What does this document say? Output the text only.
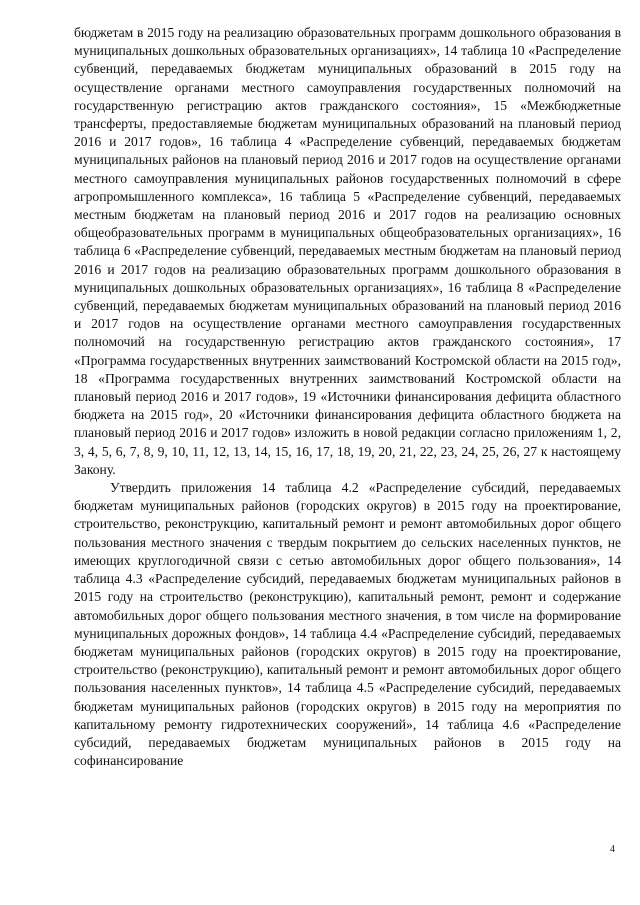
бюджетам в 2015 году на реализацию образовательных программ дошкольного образования в муниципальных дошкольных образовательных организациях», 14 таблица 10 «Распределение субвенций, передаваемых бюджетам муниципальных образований в 2015 году на осуществление органами местного самоуправления государственных полномочий на государственную регистрацию актов гражданского состояния», 15 «Межбюджетные трансферты, предоставляемые бюджетам муниципальных образований на плановый период 2016 и 2017 годов», 16 таблица 4 «Распределение субвенций, передаваемых бюджетам муниципальных районов на плановый период 2016 и 2017 годов на осуществление органами местного самоуправления муниципальных районов государственных полномочий в сфере агропромышленного комплекса», 16 таблица 5 «Распределение субвенций, передаваемых местным бюджетам на плановый период 2016 и 2017 годов на реализацию основных общеобразовательных программ в муниципальных общеобразовательных организациях», 16 таблица 6 «Распределение субвенций, передаваемых местным бюджетам на плановый период 2016 и 2017 годов на реализацию образовательных программ дошкольного образования в муниципальных дошкольных образовательных организациях», 16 таблица 8 «Распределение субвенций, передаваемых бюджетам муниципальных образований на плановый период 2016 и 2017 годов на осуществление органами местного самоуправления государственных полномочий на государственную регистрацию актов гражданского состояния», 17 «Программа государственных внутренних заимствований Костромской области на 2015 год», 18 «Программа государственных внутренних заимствований Костромской области на плановый период 2016 и 2017 годов», 19 «Источники финансирования дефицита областного бюджета на 2015 год», 20 «Источники финансирования дефицита областного бюджета на плановый период 2016 и 2017 годов» изложить в новой редакции согласно приложениям 1, 2, 3, 4, 5, 6, 7, 8, 9, 10, 11, 12, 13, 14, 15, 16, 17, 18, 19, 20, 21, 22, 23, 24, 25, 26, 27 к настоящему Закону.

Утвердить приложения 14 таблица 4.2 «Распределение субсидий, передаваемых бюджетам муниципальных районов (городских округов) в 2015 году на проектирование, строительство, реконструкцию, капитальный ремонт и ремонт автомобильных дорог общего пользования местного значения с твердым покрытием до сельских населенных пунктов, не имеющих круглогодичной связи с сетью автомобильных дорог общего пользования», 14 таблица 4.3 «Распределение субсидий, передаваемых бюджетам муниципальных районов в 2015 году на строительство (реконструкцию), капитальный ремонт, ремонт и содержание автомобильных дорог общего пользования местного значения, в том числе на формирование муниципальных дорожных фондов», 14 таблица 4.4 «Распределение субсидий, передаваемых бюджетам муниципальных районов (городских округов) в 2015 году на проектирование, строительство (реконструкцию), капитальный ремонт и ремонт автомобильных дорог общего пользования населенных пунктов», 14 таблица 4.5 «Распределение субсидий, передаваемых бюджетам муниципальных районов (городских округов) в 2015 году на мероприятия по капитальному ремонту гидротехнических сооружений», 14 таблица 4.6 «Распределение субсидий, передаваемых бюджетам муниципальных районов в 2015 году на софинансирование

4
